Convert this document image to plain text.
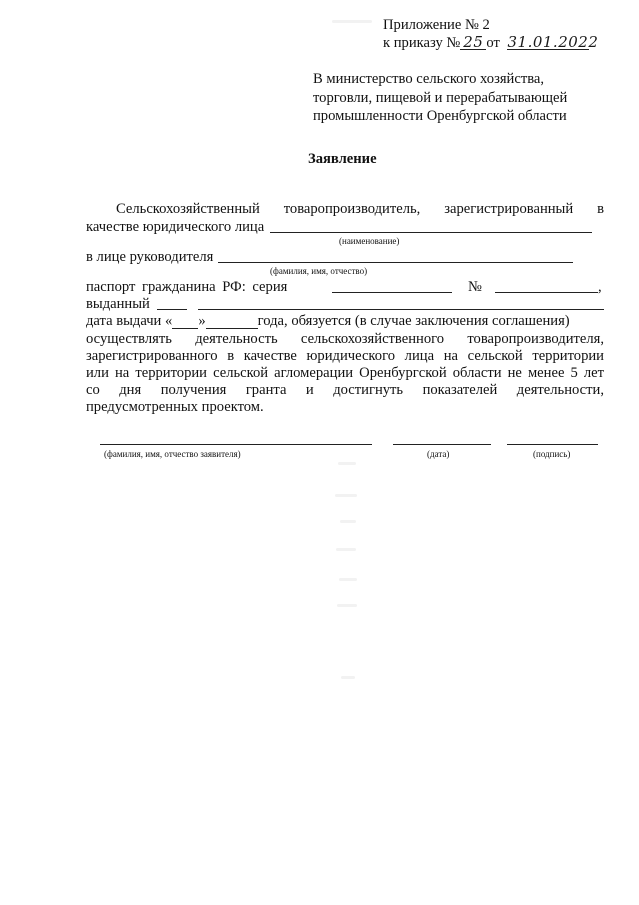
Приложение № 2
к приказу № 25 от 31.01.2022
В министерство сельского хозяйства,
торговли, пищевой и перерабатывающей
промышленности Оренбургской области
Заявление
Сельскохозяйственный товаропроизводитель, зарегистрированный в
качестве юридического лица
(наименование)
в лице руководителя
(фамилия, имя, отчество)
паспорт гражданина РФ: серия	№	,
выданный
дата выдачи « »	года, обязуется (в случае заключения соглашения)
осуществлять деятельность сельскохозяйственного товаропроизводителя,
зарегистрированного в качестве юридического лица на сельской территории
или на территории сельской агломерации Оренбургской области не менее 5 лет
со дня получения гранта и достигнуть показателей деятельности,
предусмотренных проектом.
(фамилия, имя, отчество заявителя)	(дата)	(подпись)
